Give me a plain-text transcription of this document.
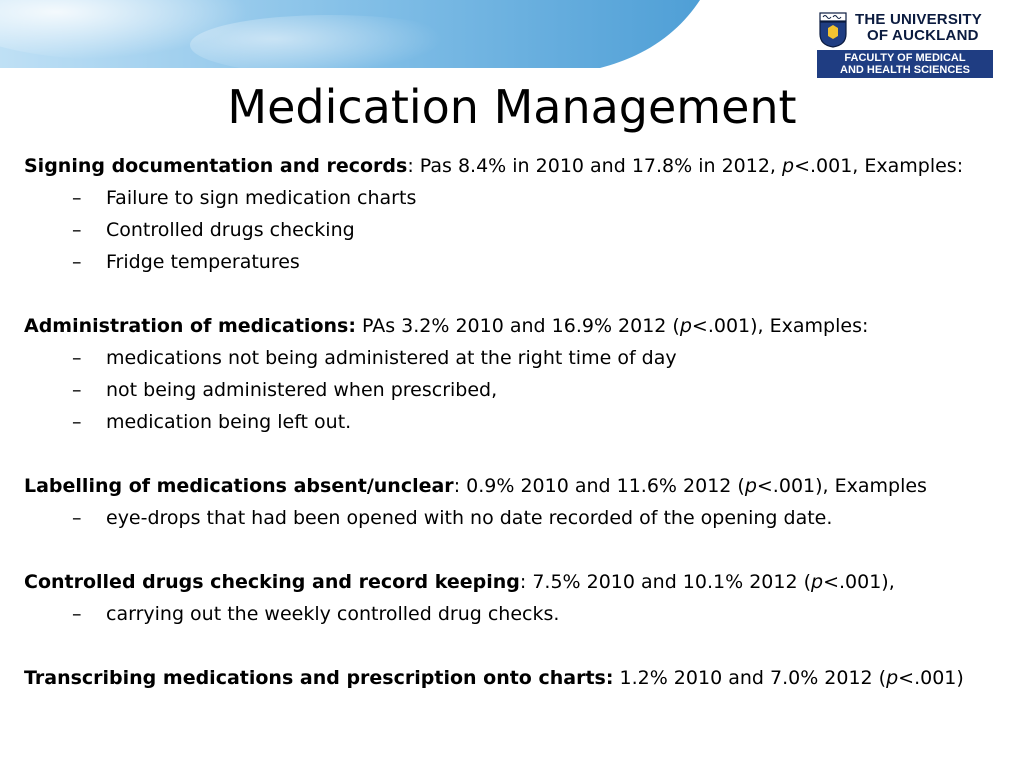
THE UNIVERSITY
OF AUCKLAND
FACULTY OF MEDICAL
AND HEALTH SCIENCES
Medication Management
Signing documentation and records: Pas 8.4% in 2010 and 17.8% in 2012, p<.001, Examples:
– Failure to sign medication charts
– Controlled drugs checking
– Fridge temperatures
Administration of medications: PAs 3.2% 2010 and 16.9% 2012 (p<.001), Examples:
– medications not being administered at the right time of day
– not being administered when prescribed,
– medication being left out.
Labelling of medications absent/unclear: 0.9% 2010 and 11.6% 2012 (p<.001), Examples
– eye-drops that had been opened with no date recorded of the opening date.
Controlled drugs checking and record keeping: 7.5% 2010 and 10.1% 2012 (p<.001),
– carrying out the weekly controlled drug checks.
Transcribing medications and prescription onto charts: 1.2% 2010 and 7.0% 2012 (p<.001)
